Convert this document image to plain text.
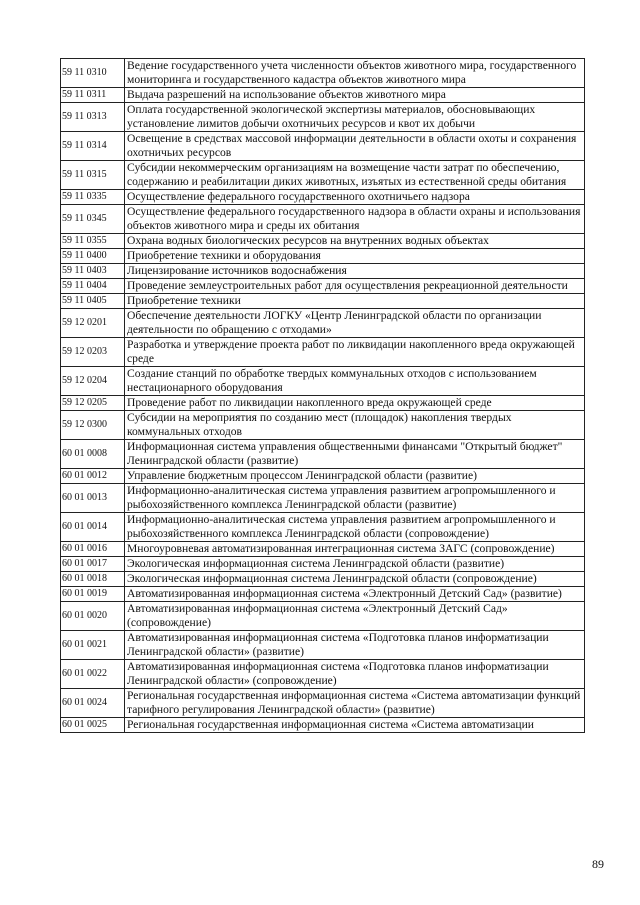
59 11 0310	Ведение государственного учета численности объектов животного мира, государственного мониторинга и государственного кадастра объектов животного мира
59 11 0311	Выдача разрешений на использование объектов животного мира
59 11 0313	Оплата государственной экологической экспертизы материалов, обосновывающих установление лимитов добычи охотничьих ресурсов и квот их добычи
59 11 0314	Освещение в средствах массовой информации деятельности в области охоты и сохранения охотничьих ресурсов
59 11 0315	Субсидии некоммерческим организациям на возмещение части затрат по обеспечению, содержанию и реабилитации диких животных, изъятых из естественной среды обитания
59 11 0335	Осуществление федерального государственного охотничьего надзора
59 11 0345	Осуществление федерального государственного надзора в области охраны и использования объектов животного мира и среды их обитания
59 11 0355	Охрана водных биологических ресурсов на внутренних водных объектах
59 11 0400	Приобретение техники и оборудования
59 11 0403	Лицензирование источников водоснабжения
59 11 0404	Проведение землеустроительных работ для осуществления рекреационной деятельности
59 11 0405	Приобретение техники
59 12 0201	Обеспечение деятельности ЛОГКУ «Центр Ленинградской области по организации деятельности по обращению с отходами»
59 12 0203	Разработка и утверждение проекта работ по ликвидации накопленного вреда окружающей среде
59 12 0204	Создание станций по обработке твердых коммунальных отходов с использованием нестационарного оборудования
59 12 0205	Проведение работ по ликвидации накопленного вреда окружающей среде
59 12 0300	Субсидии на мероприятия по созданию мест (площадок) накопления твердых коммунальных отходов
60 01 0008	Информационная система управления общественными финансами "Открытый бюджет" Ленинградской области (развитие)
60 01 0012	Управление бюджетным процессом Ленинградской области (развитие)
60 01 0013	Информационно-аналитическая система управления развитием агропромышленного и рыбохозяйственного комплекса Ленинградской области (развитие)
60 01 0014	Информационно-аналитическая система управления развитием агропромышленного и рыбохозяйственного комплекса Ленинградской области (сопровождение)
60 01 0016	Многоуровневая автоматизированная интеграционная система ЗАГС (сопровождение)
60 01 0017	Экологическая информационная система Ленинградской области (развитие)
60 01 0018	Экологическая информационная система Ленинградской области (сопровождение)
60 01 0019	Автоматизированная информационная система «Электронный Детский Сад» (развитие)
60 01 0020	Автоматизированная информационная система «Электронный Детский Сад» (сопровождение)
60 01 0021	Автоматизированная информационная система «Подготовка планов информатизации Ленинградской области» (развитие)
60 01 0022	Автоматизированная информационная система «Подготовка планов информатизации Ленинградской области» (сопровождение)
60 01 0024	Региональная государственная информационная система «Система автоматизации функций тарифного регулирования Ленинградской области» (развитие)
60 01 0025	Региональная государственная информационная система «Система автоматизации
89
